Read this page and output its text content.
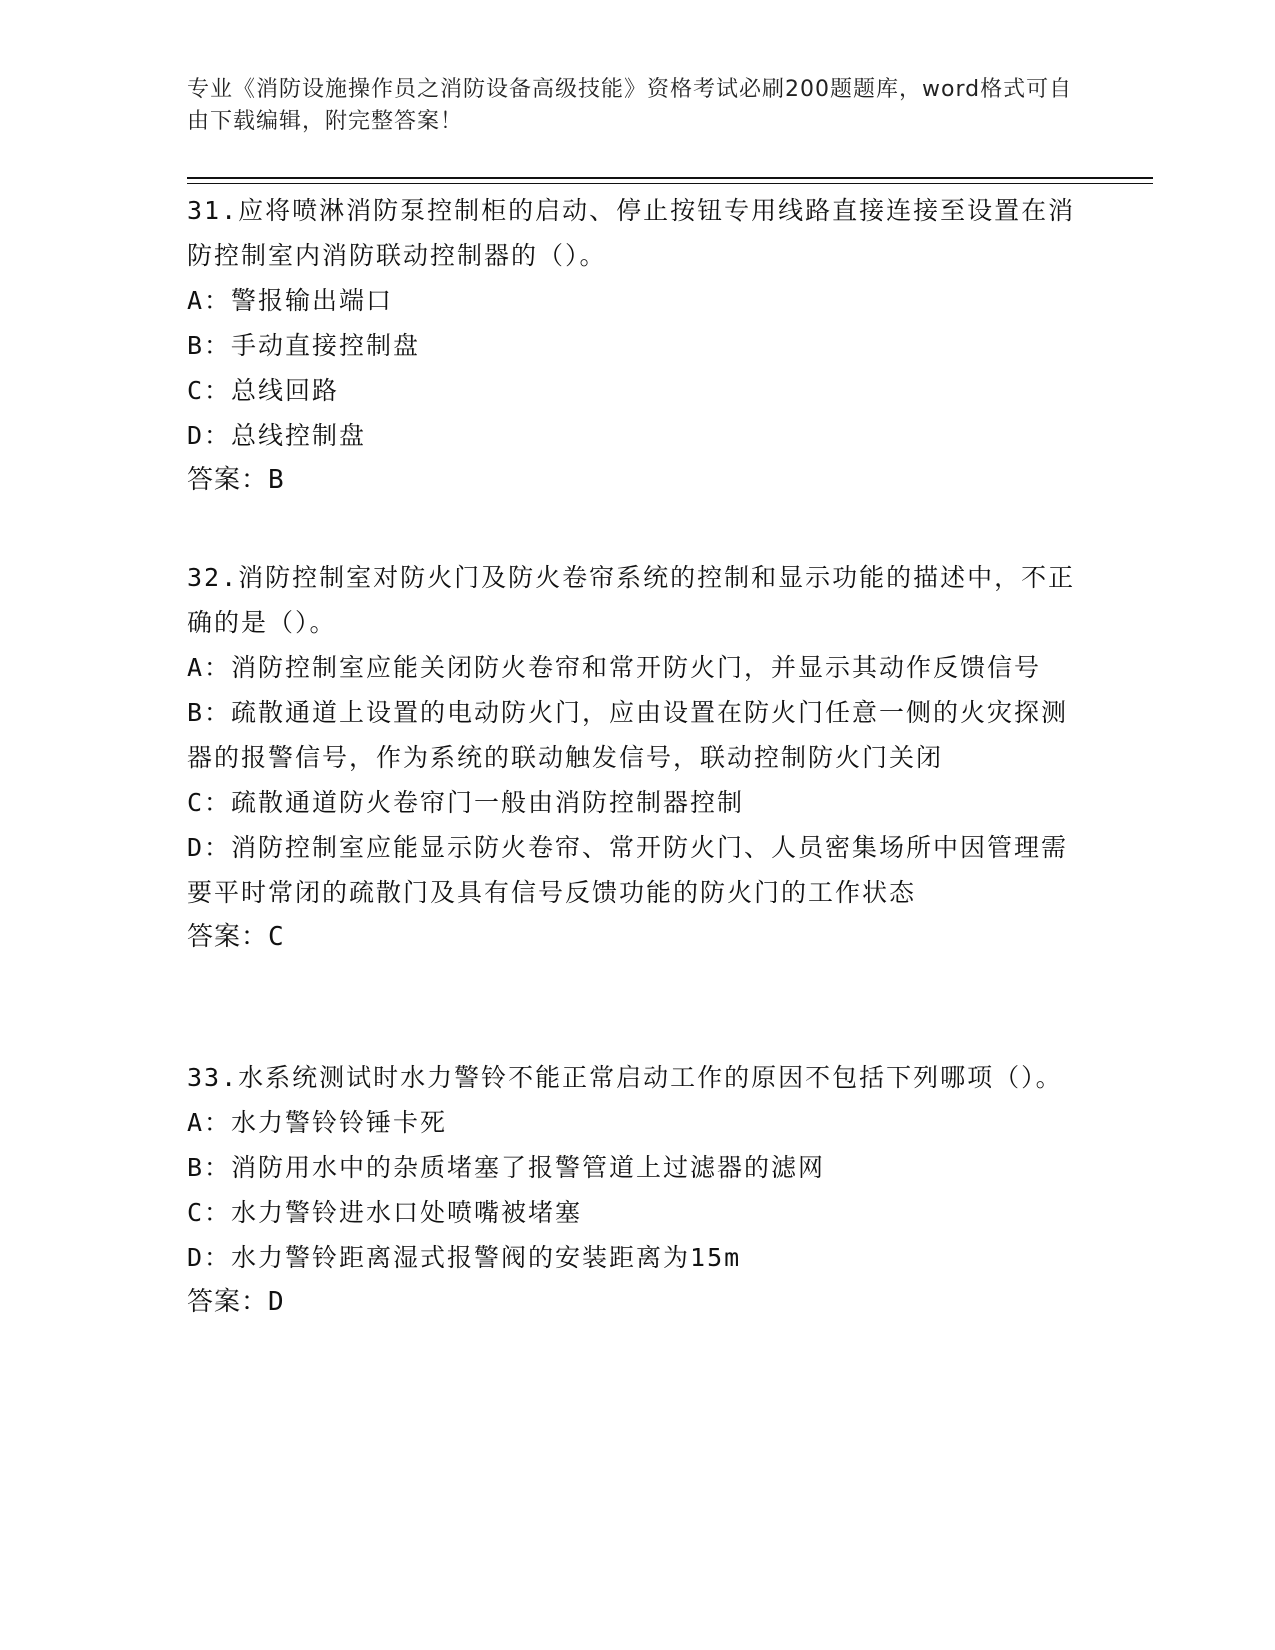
专业《消防设施操作员之消防设备高级技能》资格考试必刷200题题库，word格式可自由下载编辑，附完整答案！

31.应将喷淋消防泵控制柜的启动、停止按钮专用线路直接连接至设置在消防控制室内消防联动控制器的（）。

A：警报输出端口

B：手动直接控制盘

C：总线回路

D：总线控制盘

答案：B

32.消防控制室对防火门及防火卷帘系统的控制和显示功能的描述中，不正确的是（）。

A：消防控制室应能关闭防火卷帘和常开防火门，并显示其动作反馈信号

B：疏散通道上设置的电动防火门，应由设置在防火门任意一侧的火灾探测器的报警信号，作为系统的联动触发信号，联动控制防火门关闭

C：疏散通道防火卷帘门一般由消防控制器控制

D：消防控制室应能显示防火卷帘、常开防火门、人员密集场所中因管理需要平时常闭的疏散门及具有信号反馈功能的防火门的工作状态

答案：C

33.水系统测试时水力警铃不能正常启动工作的原因不包括下列哪项（）。

A：水力警铃铃锤卡死

B：消防用水中的杂质堵塞了报警管道上过滤器的滤网

C：水力警铃进水口处喷嘴被堵塞

D：水力警铃距离湿式报警阀的安装距离为15m

答案：D
